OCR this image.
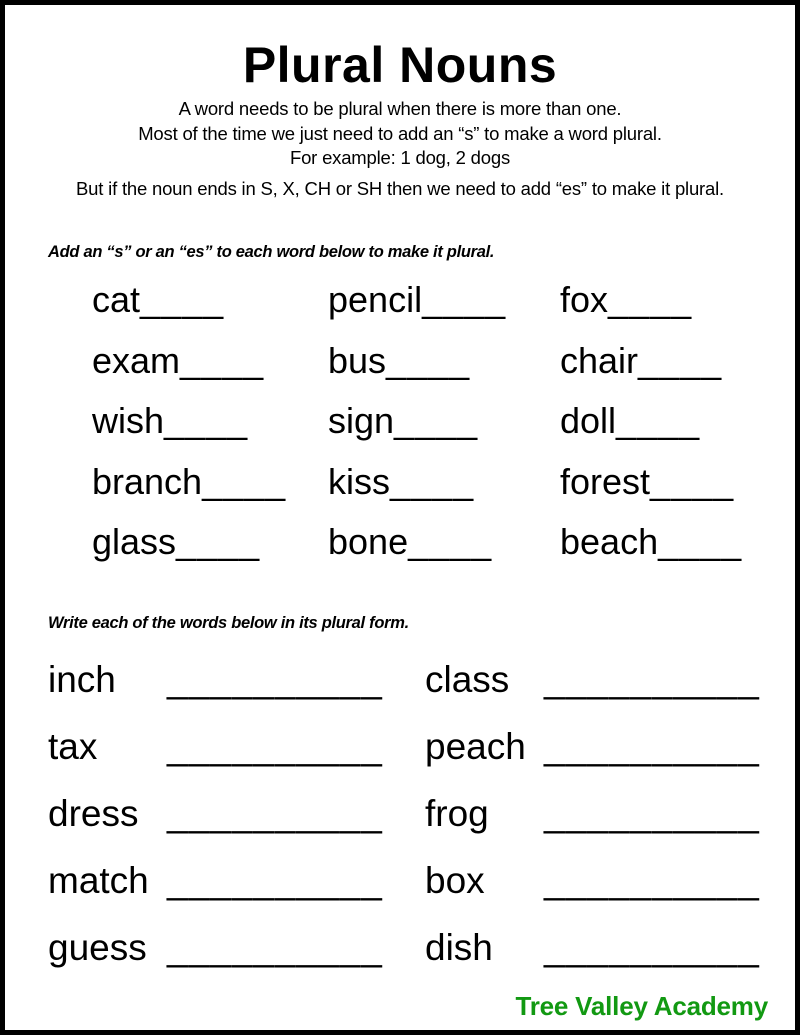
Plural Nouns
A word needs to be plural when there is more than one.
Most of the time we just need to add an “s” to make a word plural.
For example: 1 dog, 2 dogs
But if the noun ends in S, X, CH or SH then we need to add “es” to make it plural.
Add an “s” or an “es” to each word below to make it plural.
cat____	pencil____	fox____
exam____	bus____	chair____
wish____	sign____	doll____
branch____	kiss____	forest____
glass____	bone____	beach____
Write each of the words below in its plural form.
inch __________	class __________
tax __________	peach __________
dress __________	frog __________
match __________	box __________
guess __________	dish __________
Tree Valley Academy
